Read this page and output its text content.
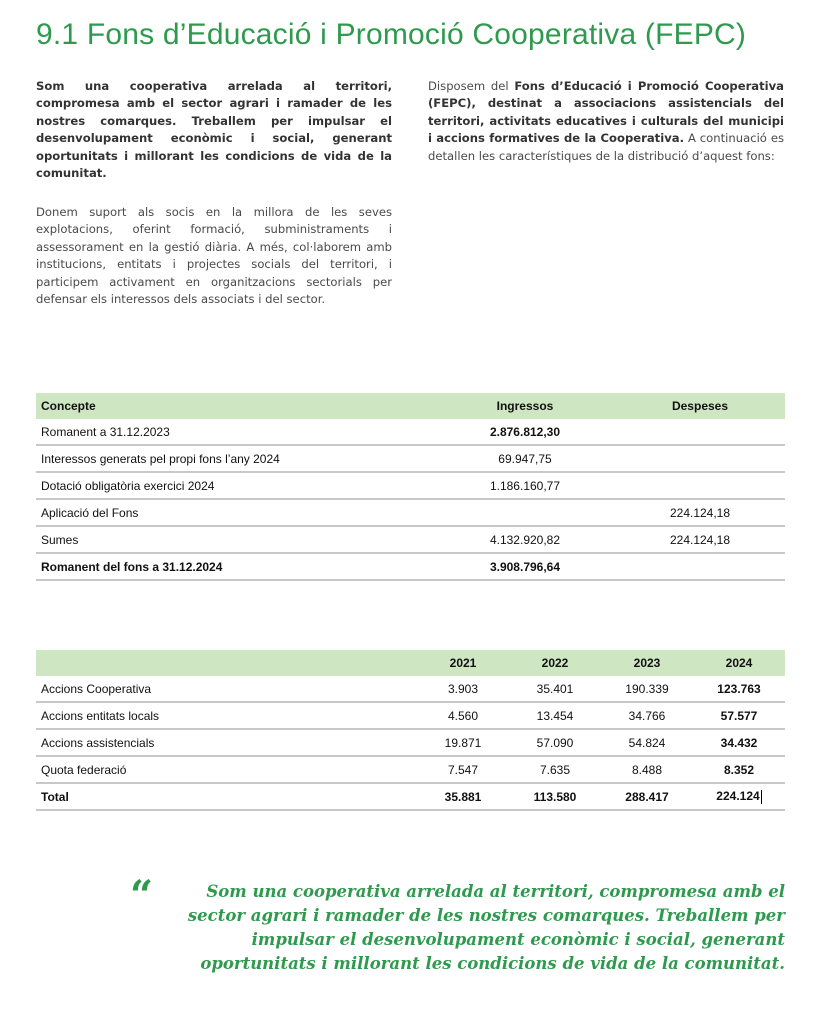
9.1 Fons d’Educació i Promoció Cooperativa (FEPC)

Som una cooperativa arrelada al territori, compromesa amb el sector agrari i ramader de les nostres comarques. Treballem per impulsar el desenvolupament econòmic i social, generant oportunitats i millorant les condicions de vida de la comunitat.

Donem suport als socis en la millora de les seves explotacions, oferint formació, subministraments i assessorament en la gestió diària. A més, col·laborem amb institucions, entitats i projectes socials del territori, i participem activament en organitzacions sectorials per defensar els interessos dels associats i del sector.

Disposem del Fons d’Educació i Promoció Cooperativa (FEPC), destinat a associacions assistencials del territori, activitats educatives i culturals del municipi i accions formatives de la Cooperativa. A continuació es detallen les característiques de la distribució d’aquest fons:

Concepte	Ingressos	Despeses
Romanent a 31.12.2023	2.876.812,30	
Interessos generats pel propi fons l’any 2024	69.947,75	
Dotació obligatòria exercici 2024	1.186.160,77	
Aplicació del Fons		224.124,18
Sumes	4.132.920,82	224.124,18
Romanent del fons a 31.12.2024	3.908.796,64	
	2021	2022	2023	2024
Accions Cooperativa	3.903	35.401	190.339	123.763
Accions entitats locals	4.560	13.454	34.766	57.577
Accions assistencials	19.871	57.090	54.824	34.432
Quota federació	7.547	7.635	8.488	8.352
Total	35.881	113.580	288.417	224.124
“	Som una cooperativa arrelada al territori, compromesa amb el sector agrari i ramader de les nostres comarques. Treballem per impulsar el desenvolupament econòmic i social, generant oportunitats i millorant les condicions de vida de la comunitat.
